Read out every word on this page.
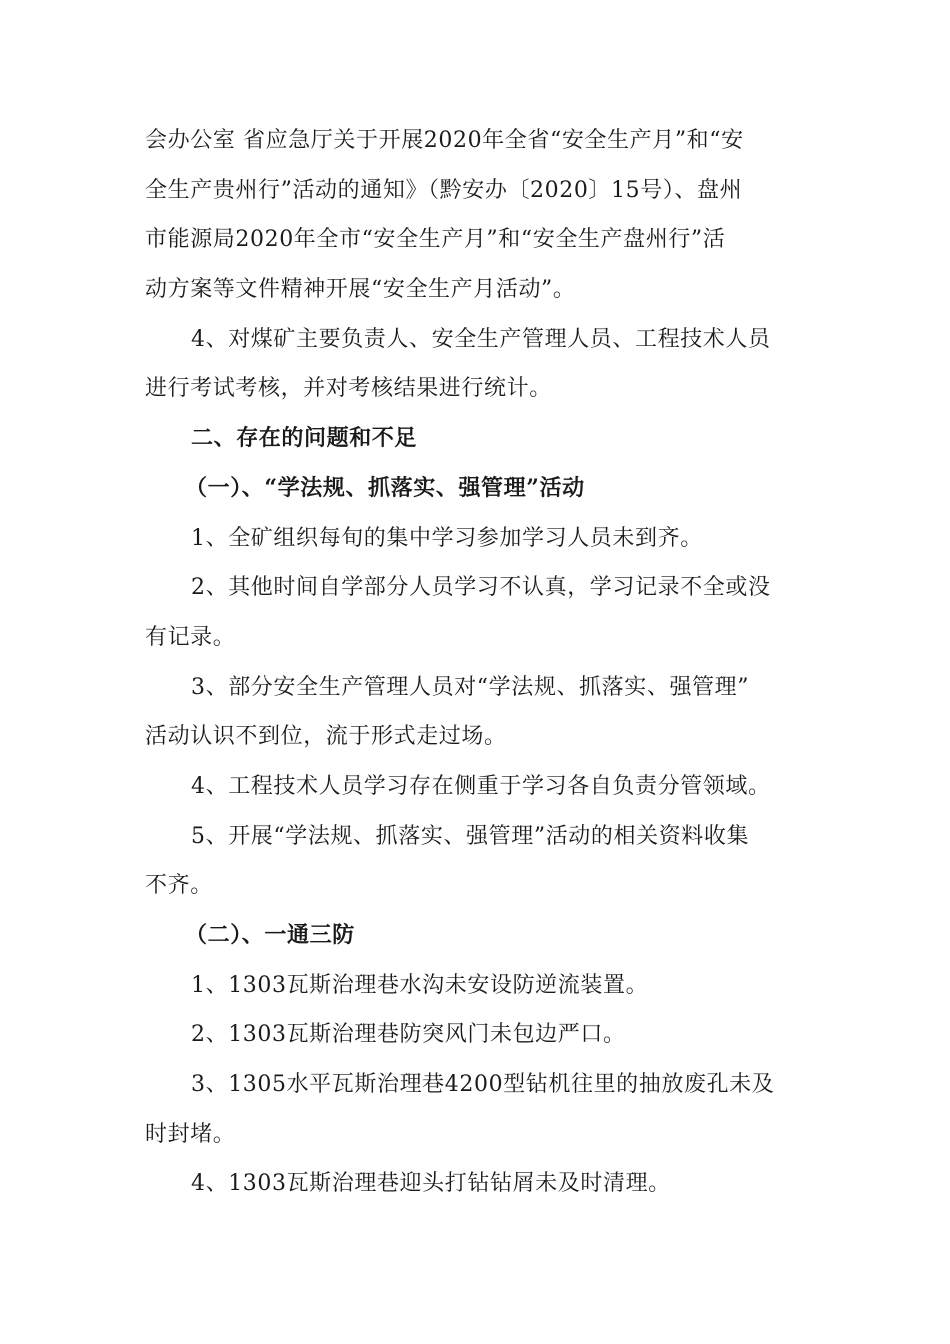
会办公室 省应急厅关于开展2020年全省“安全生产月”和“安
全生产贵州行”活动的通知》（黔安办〔2020〕15号）、盘州
市能源局2020年全市“安全生产月”和“安全生产盘州行”活
动方案等文件精神开展“安全生产月活动”。
4、对煤矿主要负责人、安全生产管理人员、工程技术人员
进行考试考核，并对考核结果进行统计。
二、存在的问题和不足
（一）、“学法规、抓落实、强管理”活动
1、全矿组织每旬的集中学习参加学习人员未到齐。
2、其他时间自学部分人员学习不认真，学习记录不全或没
有记录。
3、部分安全生产管理人员对“学法规、抓落实、强管理”
活动认识不到位，流于形式走过场。
4、工程技术人员学习存在侧重于学习各自负责分管领域。
5、开展“学法规、抓落实、强管理”活动的相关资料收集
不齐。
（二）、一通三防
1、1303瓦斯治理巷水沟未安设防逆流装置。
2、1303瓦斯治理巷防突风门未包边严口。
3、1305水平瓦斯治理巷4200型钻机往里的抽放废孔未及
时封堵。
4、1303瓦斯治理巷迎头打钻钻屑未及时清理。
